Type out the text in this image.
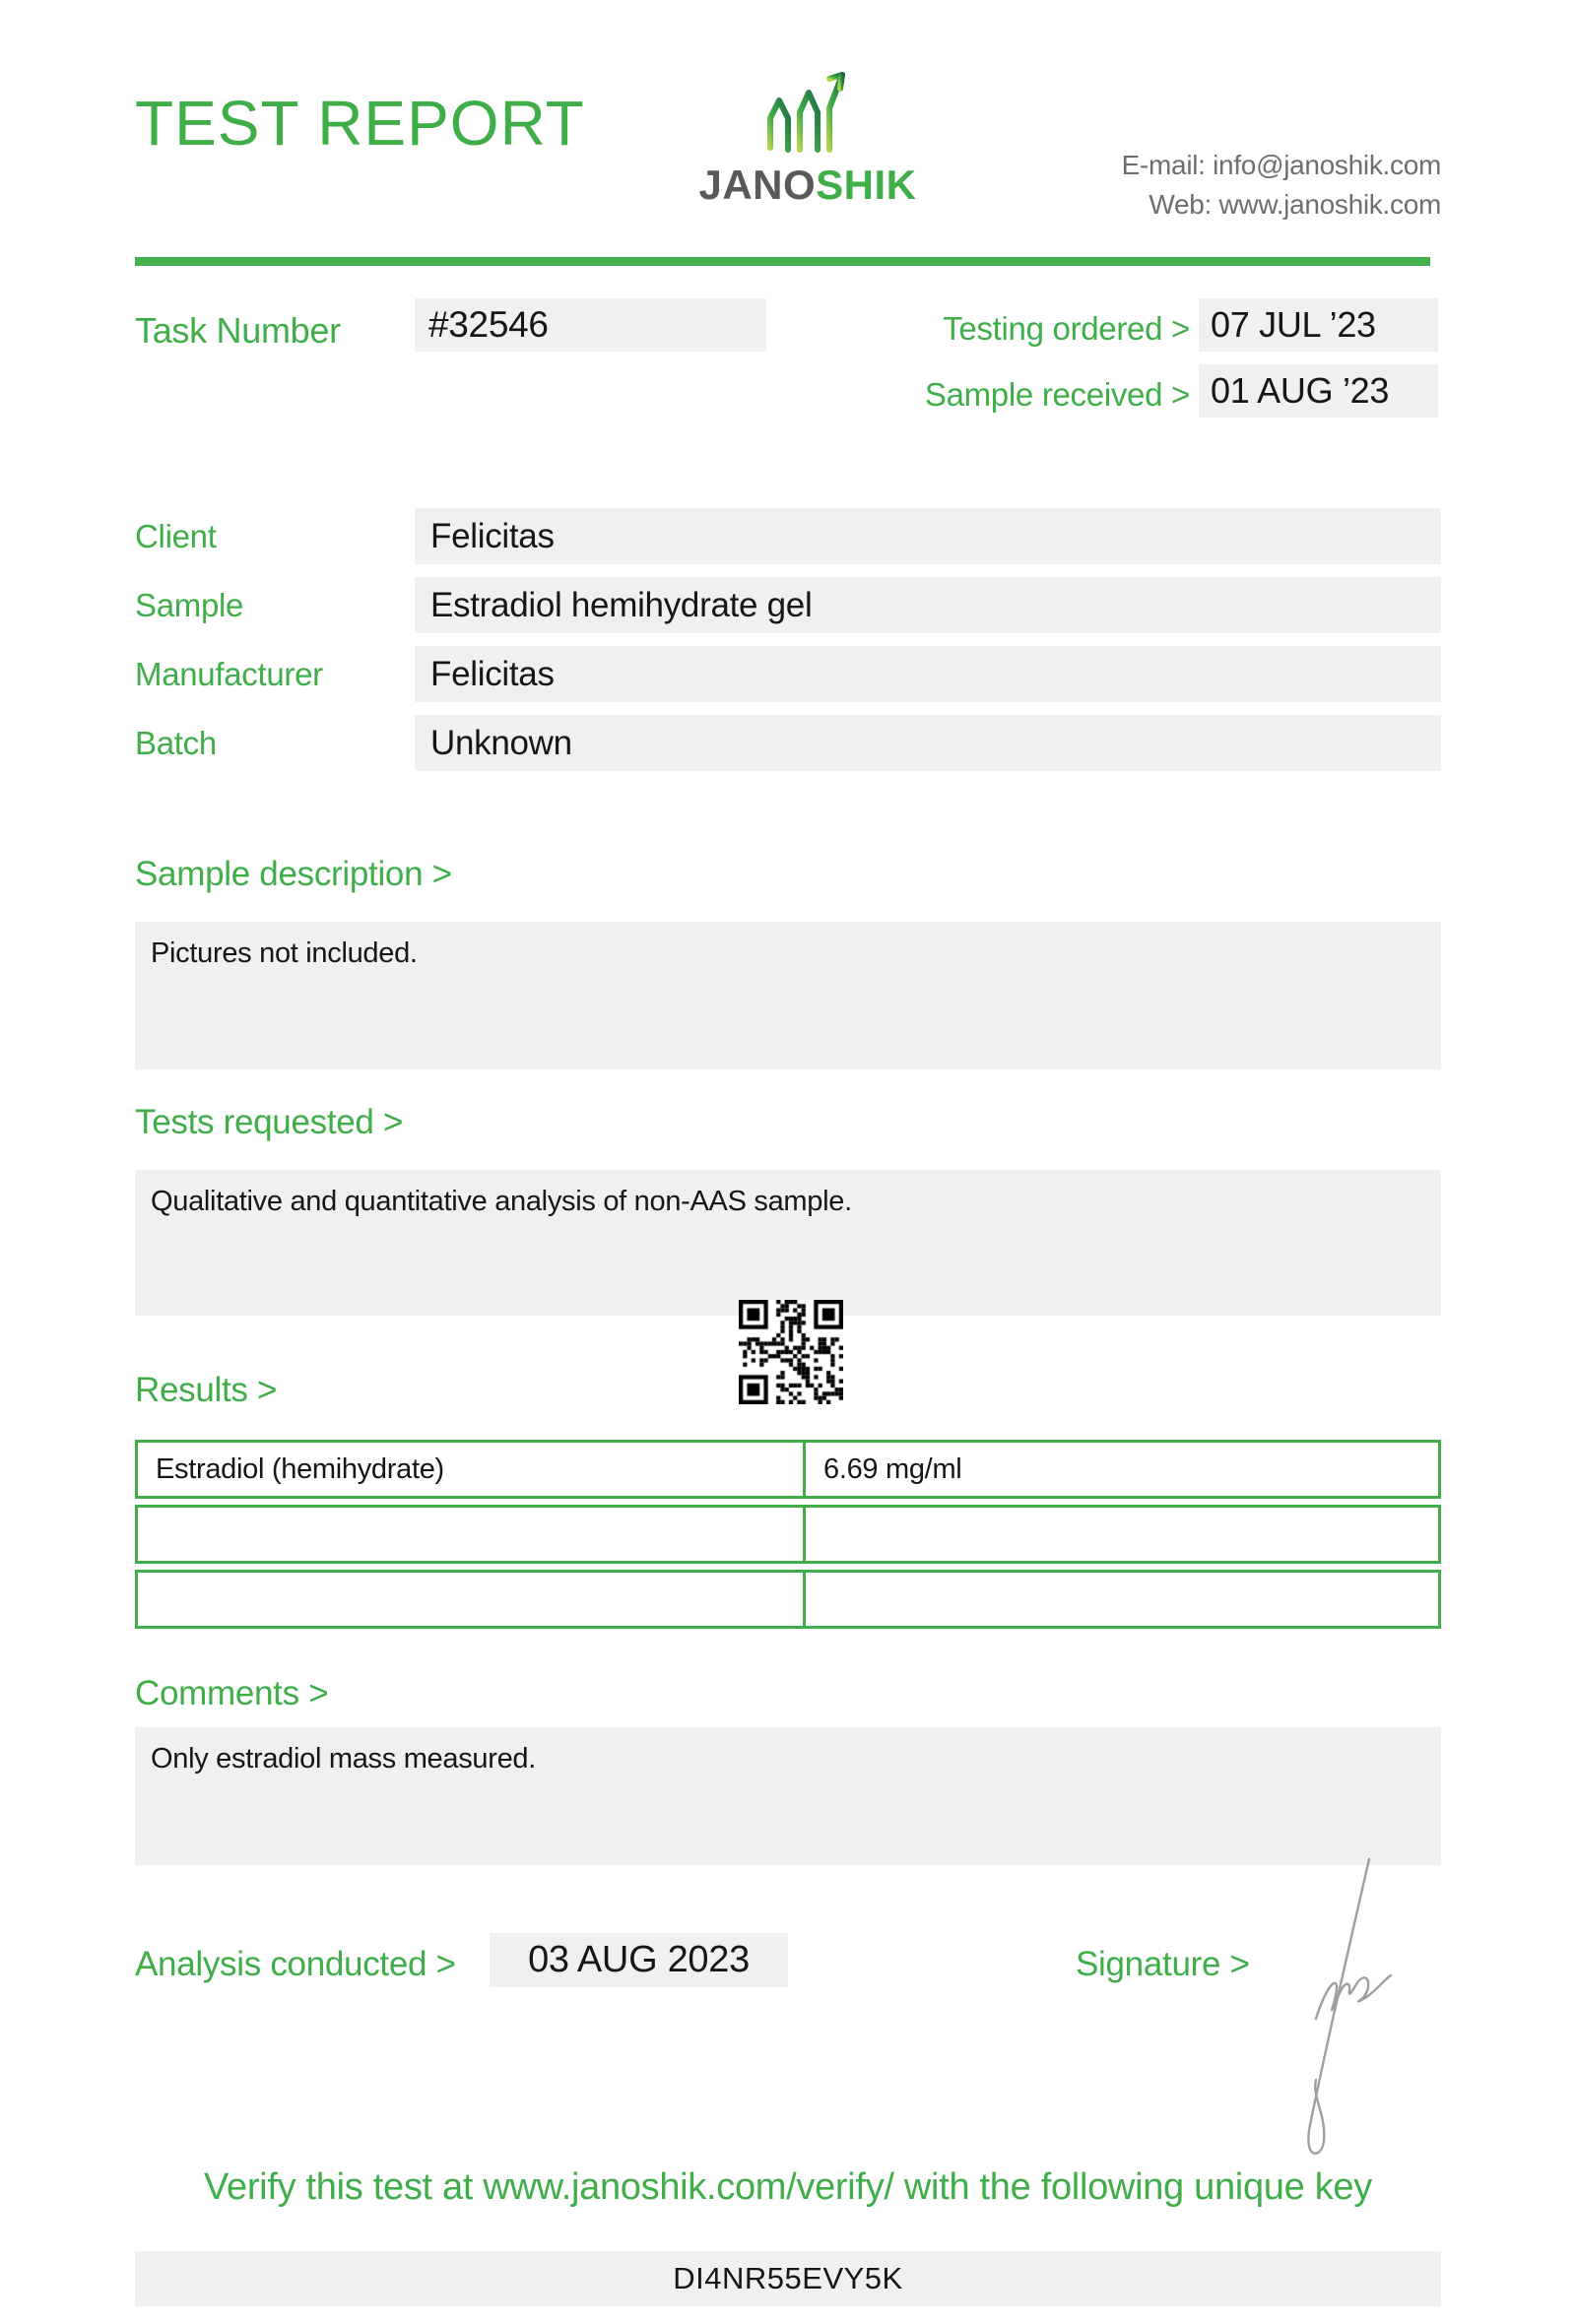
TEST REPORT
JANOSHIK	E-mail: info@janoshik.com
Web: www.janoshik.com
Task Number	#32546	Testing ordered > 07 JUL ’23
Sample received > 01 AUG ’23
Client	Felicitas
Sample	Estradiol hemihydrate gel
Manufacturer	Felicitas
Batch	Unknown
Sample description >
Pictures not included.
Tests requested >
Qualitative and quantitative analysis of non-AAS sample.
Results >
Estradiol (hemihydrate)	6.69 mg/ml
Comments >
Only estradiol mass measured.
Analysis conducted >	03 AUG 2023	Signature >
Verify this test at www.janoshik.com/verify/ with the following unique key
DI4NR55EVY5K
